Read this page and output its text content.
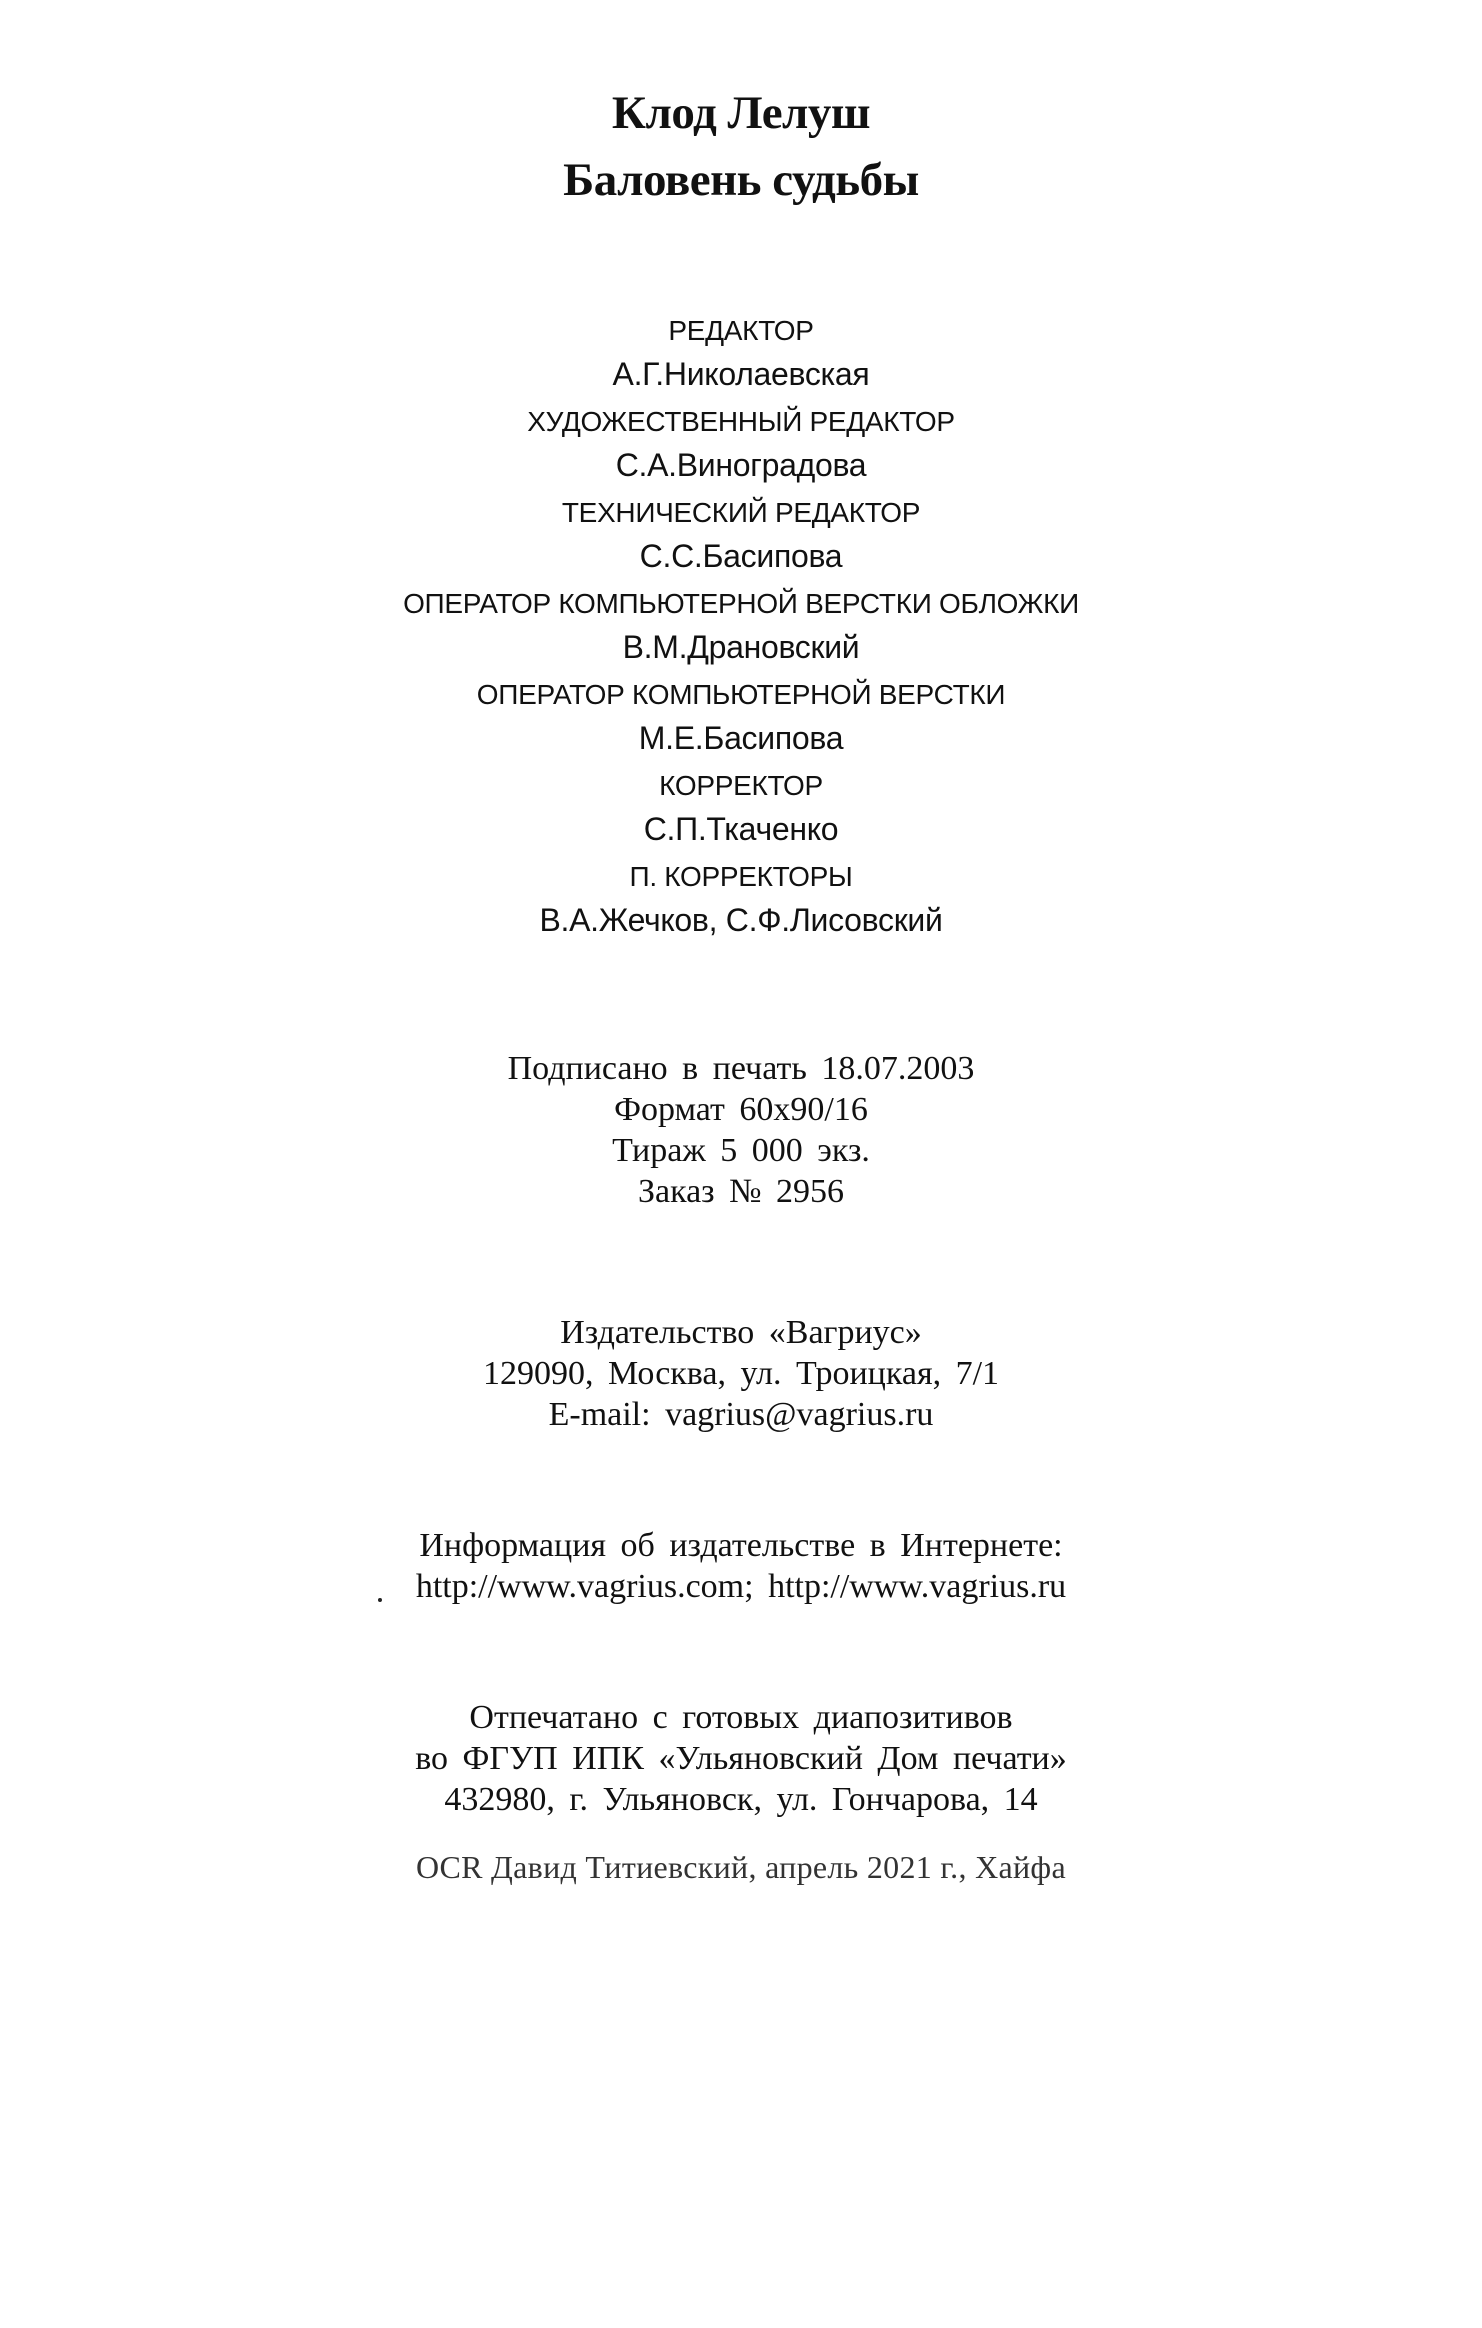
Клод Лелуш
Баловень судьбы
РЕДАКТОР
А.Г.Николаевская
ХУДОЖЕСТВЕННЫЙ РЕДАКТОР
С.А.Виноградова
ТЕХНИЧЕСКИЙ РЕДАКТОР
С.С.Басипова
ОПЕРАТОР КОМПЬЮТЕРНОЙ ВЕРСТКИ ОБЛОЖКИ
В.М.Драновский
ОПЕРАТОР КОМПЬЮТЕРНОЙ ВЕРСТКИ
М.Е.Басипова
КОРРЕКТОР
С.П.Ткаченко
П. КОРРЕКТОРЫ
В.А.Жечков, С.Ф.Лисовский
Подписано в печать 18.07.2003
Формат 60х90/16
Тираж 5 000 экз.
Заказ № 2956
Издательство «Вагриус»
129090, Москва, ул. Троицкая, 7/1
E-mail: vagrius@vagrius.ru
Информация об издательстве в Интернете:
http://www.vagrius.com; http://www.vagrius.ru
Отпечатано с готовых диапозитивов
во ФГУП ИПК «Ульяновский Дом печати»
432980, г. Ульяновск, ул. Гончарова, 14
OCR Давид Титиевский, апрель 2021 г., Хайфа
